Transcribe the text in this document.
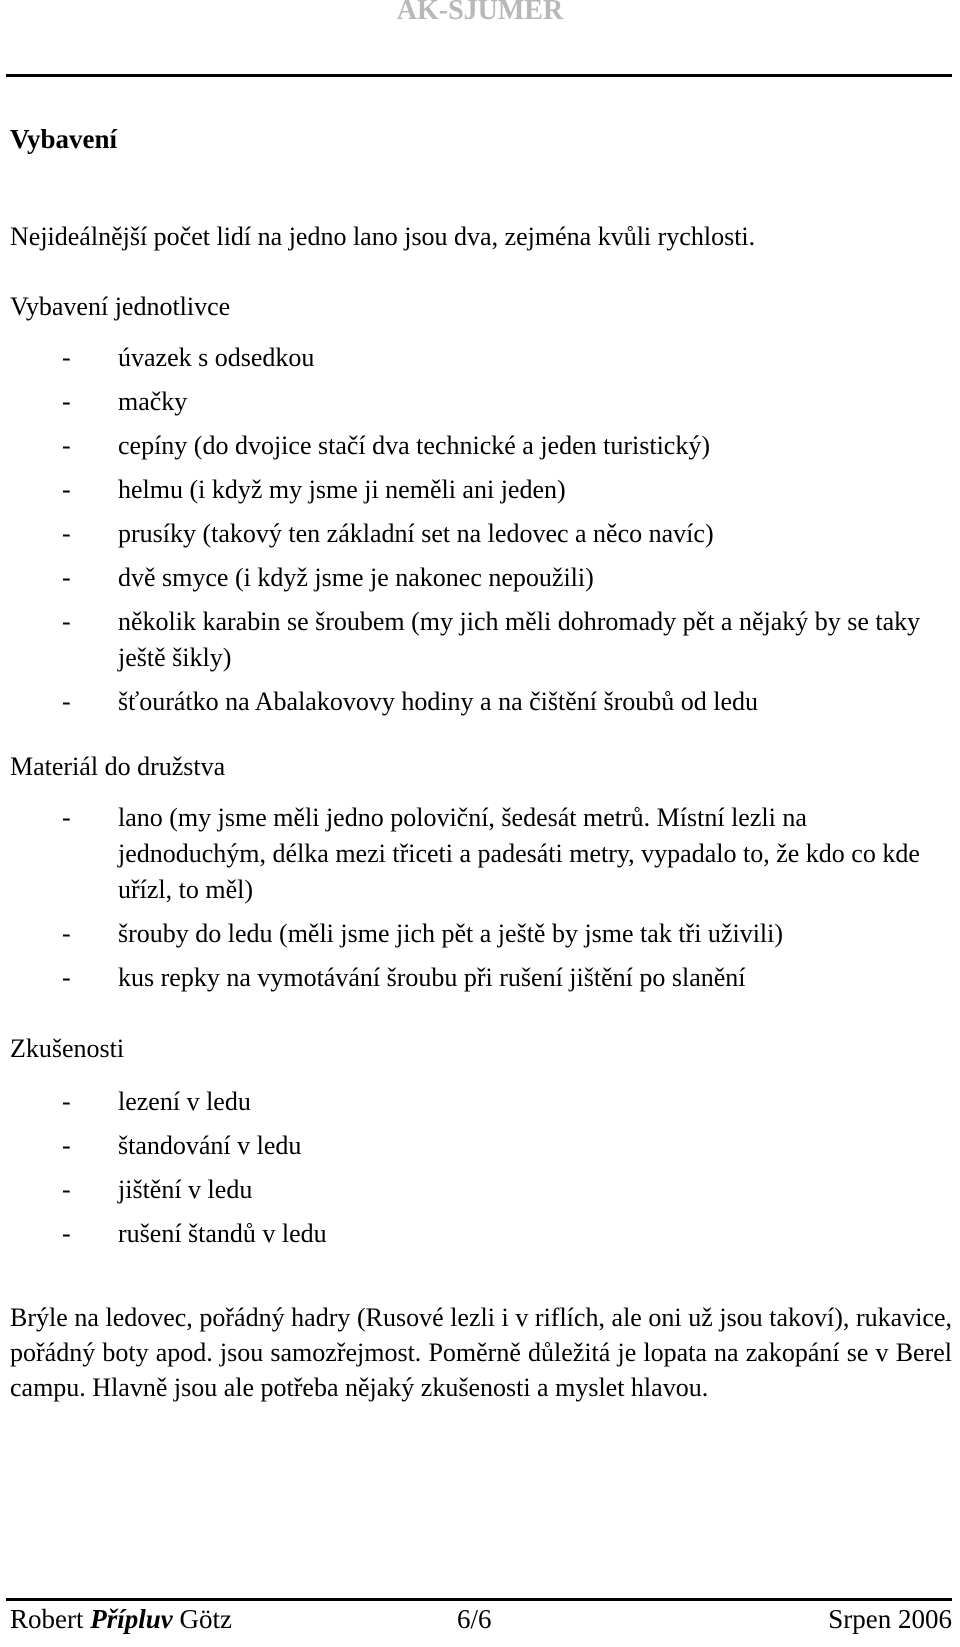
AK-SJUMER
Vybavení
Nejideálnější počet lidí na jedno lano jsou dva, zejména kvůli rychlosti.
Vybavení jednotlivce
- úvazek s odsedkou
- mačky
- cepíny (do dvojice stačí dva technické a jeden turistický)
- helmu (i když my jsme ji neměli ani jeden)
- prusíky (takový ten základní set na ledovec a něco navíc)
- dvě smyce (i když jsme je nakonec nepoužili)
- několik karabin se šroubem (my jich měli dohromady pět a nějaký by se taky ještě šikly)
- šťourátko na Abalakovovy hodiny a na čištění šroubů od ledu
Materiál do družstva
- lano (my jsme měli jedno poloviční, šedesát metrů. Místní lezli na jednoduchým, délka mezi třiceti a padesáti metry, vypadalo to, že kdo co kde uřízl, to měl)
- šrouby do ledu (měli jsme jich pět a ještě by jsme tak tři uživili)
- kus repky na vymotávání šroubu při rušení jištění po slanění
Zkušenosti
- lezení v ledu
- štandování v ledu
- jištění v ledu
- rušení štandů v ledu
Brýle na ledovec, pořádný hadry (Rusové lezli i v riflích, ale oni už jsou takoví), rukavice, pořádný boty apod. jsou samozřejmost. Poměrně důležitá je lopata na zakopání se v Berel campu. Hlavně jsou ale potřeba nějaký zkušenosti a myslet hlavou.
Robert Přípluv Götz	6/6	Srpen 2006
